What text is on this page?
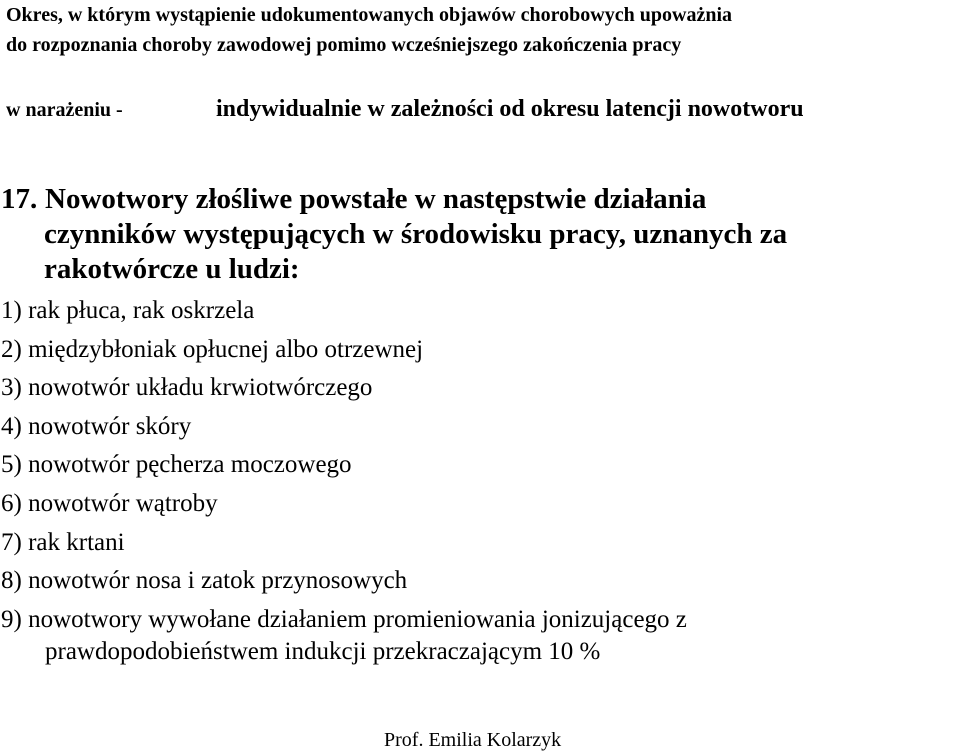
Okres, w którym wystąpienie udokumentowanych objawów chorobowych upoważnia
do rozpoznania choroby zawodowej pomimo wcześniejszego zakończenia pracy
w narażeniu -	indywidualnie w zależności od okresu latencji nowotworu
17. Nowotwory złośliwe powstałe w następstwie działania
czynników występujących w środowisku pracy, uznanych za
rakotwórcze u ludzi:
1) rak płuca, rak oskrzela
2) międzybłoniak opłucnej albo otrzewnej
3) nowotwór układu krwiotwórczego
4) nowotwór skóry
5) nowotwór pęcherza moczowego
6) nowotwór wątroby
7) rak krtani
8) nowotwór nosa i zatok przynosowych
9) nowotwory wywołane działaniem promieniowania jonizującego z
prawdopodobieństwem indukcji przekraczającym 10 %
Prof. Emilia Kolarzyk
